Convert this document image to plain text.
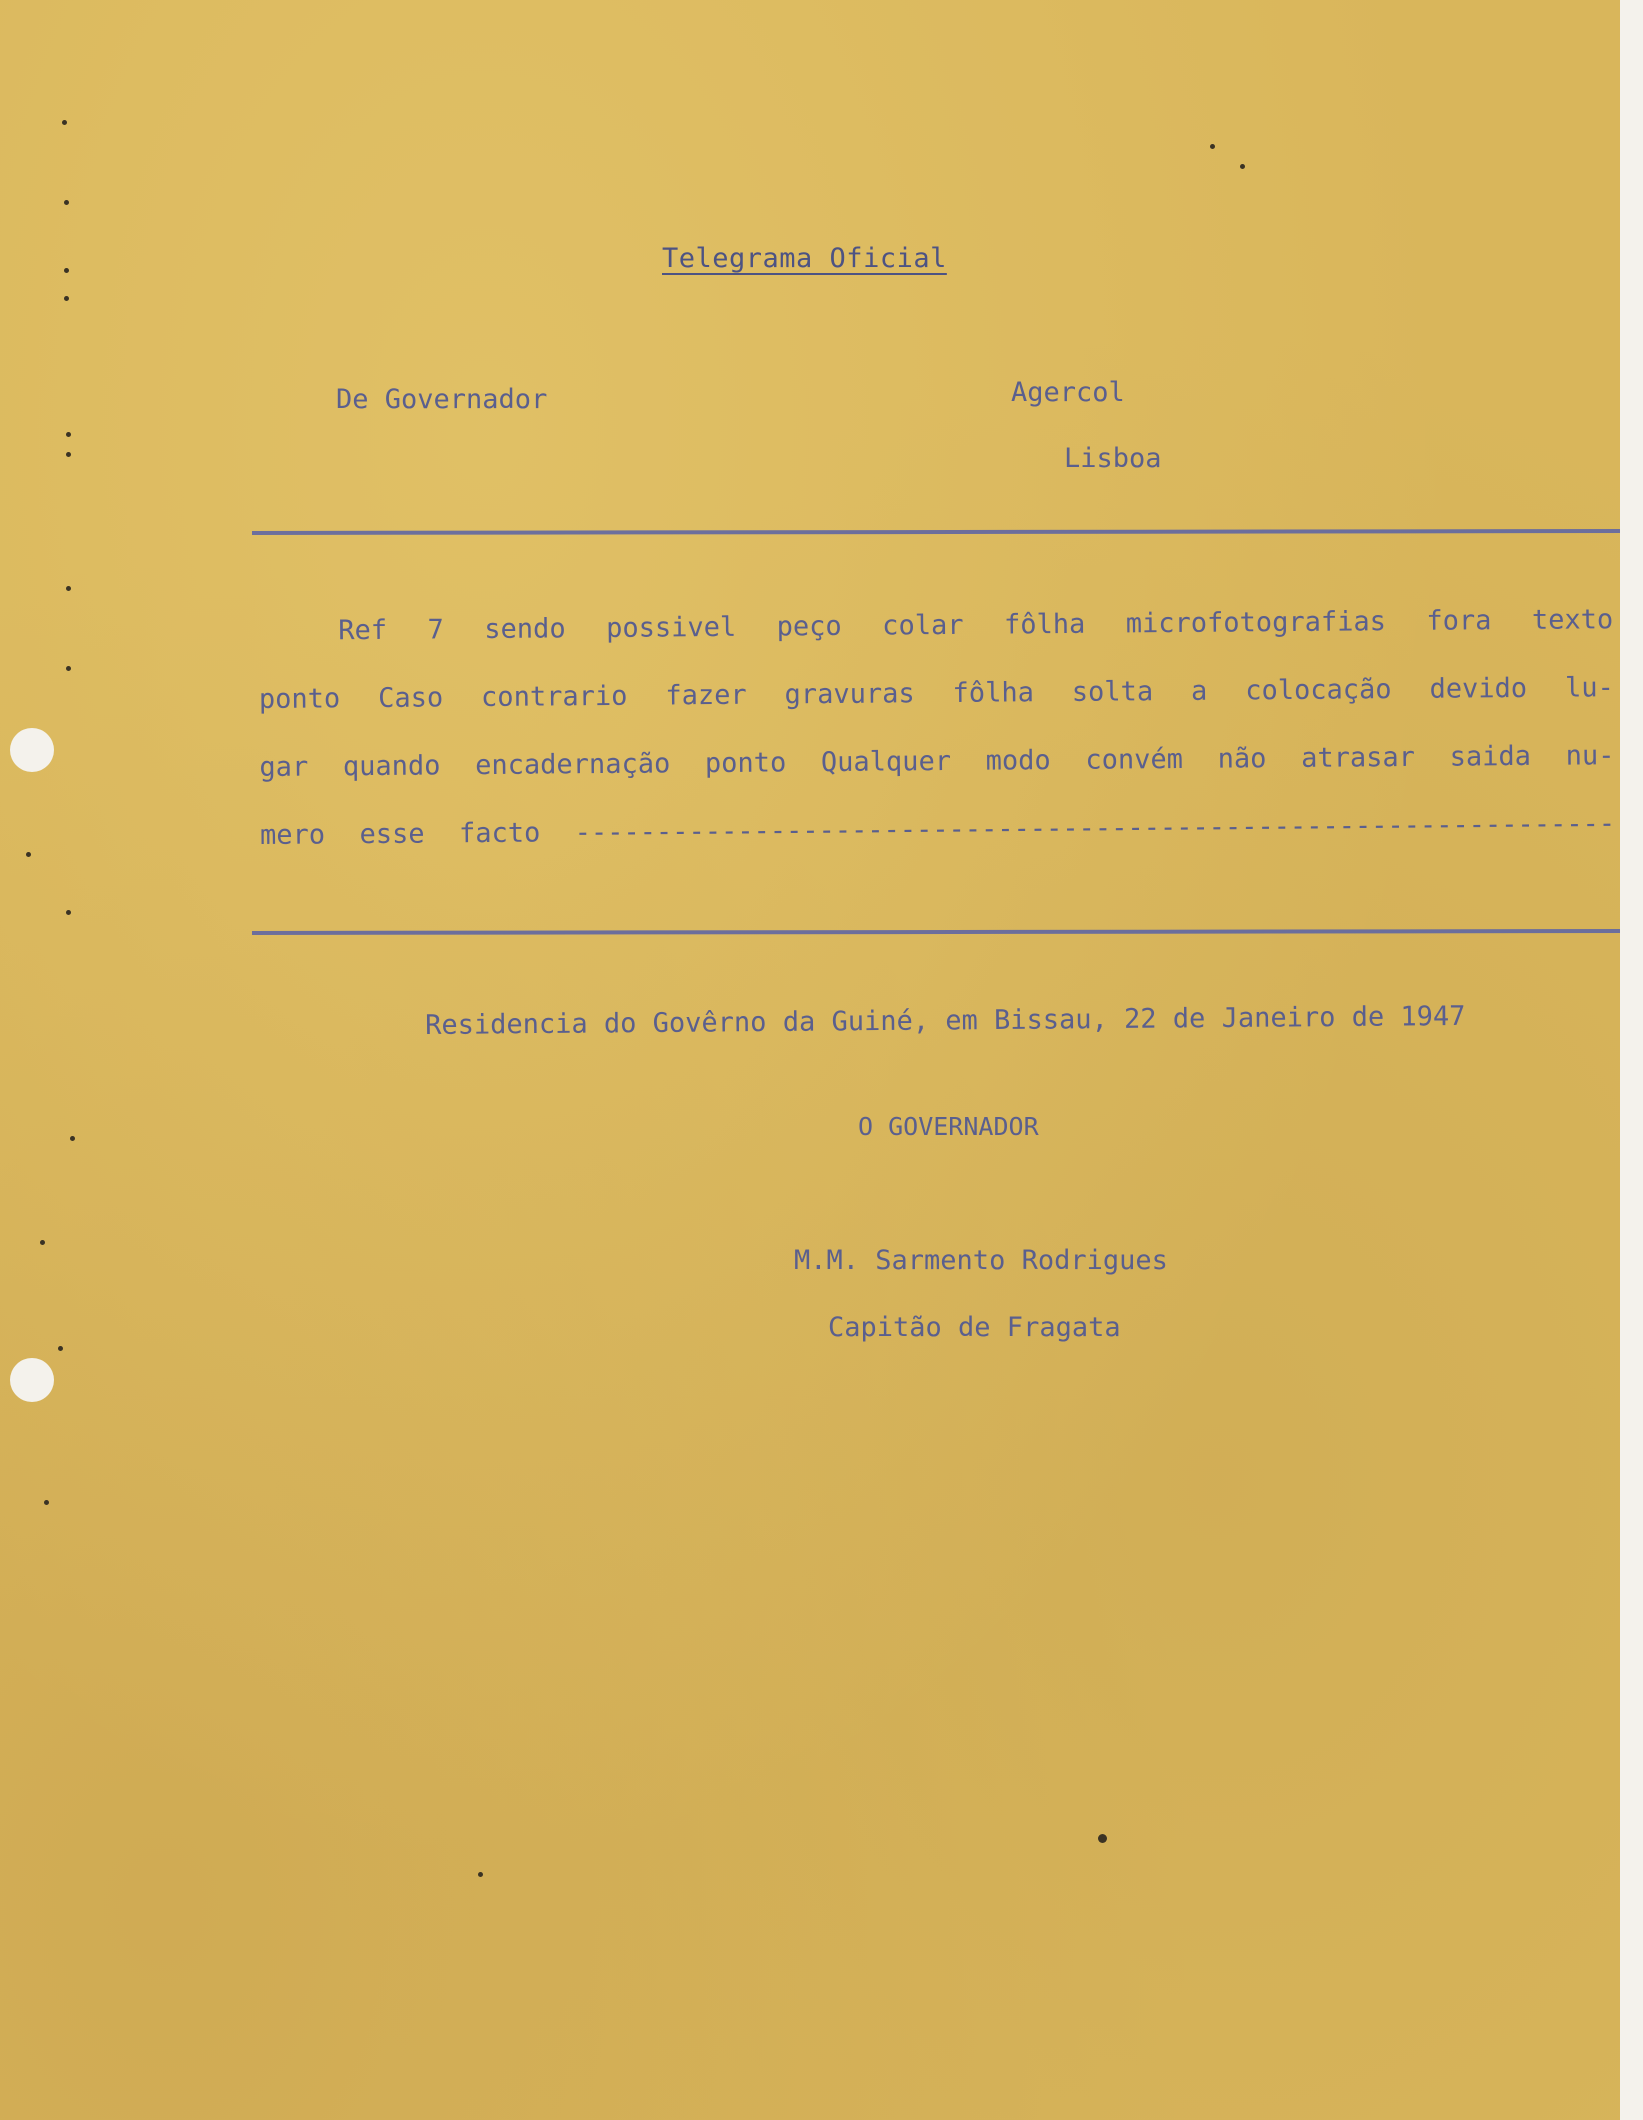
Telegrama Oficial
De Governador	Agercol
Lisboa
Ref 7 sendo possivel peço colar fôlha microfotografias fora texto
ponto Caso contrario fazer gravuras fôlha solta a colocação devido lu-
gar quando encadernação ponto Qualquer modo convém não atrasar saida nu-
mero esse facto ----------------------------------------------------------------
Residencia do Govêrno da Guiné, em Bissau, 22 de Janeiro de 1947
O GOVERNADOR
M.M. Sarmento Rodrigues
Capitão de Fragata
